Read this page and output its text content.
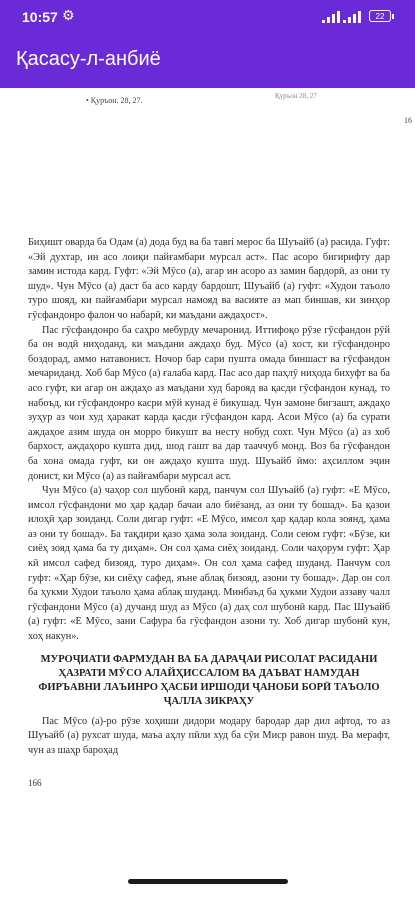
10:57 ⚙	22
Қасасу-л-анбиё
• Қуръон. 28, 27.	Қуръон 28, 27
16

Биҳишт оварда ба Одам (а) дода буд ва ба тавri мерос ба Шуъайб (а) расида. Гуфт: «Эй духтар, ин асо лоиқи пайғамбари мурсал аст». Пас асоро бигирифту дар замин истода кард. Гуфт: «Эй Мӯсо (а), агар ин асоро аз замин бардорӣ, аз они ту шуд». Чун Мӯсо (а) даст ба асо карду бардошт, Шуъайб (а) гуфт: «Худои таъоло туро шояд, ки пайғамбари мурсал намояд ва васияте аз мап биншав, ки зинҳор гӯсфандонро фалон чо набарӣ, ки маъдани аждаҳост».

Пас гӯсфандонро ба саҳро мебурду мечаронид. Иттифоқо рӯзе гӯсфандон рӯй ба он водӣ ниҳоданд, ки маъдани аждаҳо буд. Мӯсо (а) хост, ки гӯсфандонро боздорад, аммо натавонист. Ночор бар сари пушта омада биншаст ва гӯсфандон мечариданд. Хоб бар Мӯсо (а) ғалаба кард. Пас асо дар паҳлӯ ниҳода бихуфт ва ба асо гуфт, ки агар он аждаҳо аз маъдани худ барояд ва қасди гӯсфандон кунад, то набоъд, ки гӯсфандонро касри мӯй кунад ё бикушад. Чун замоне бигзашт, аждаҳо зуҳур аз чои худ ҳаракат карда қасди гӯсфандон кард. Асои Мӯсо (а) ба сурати аждаҳое азим шуда он морро бикушт ва несту нобуд сохт. Чун Мӯсо (а) аз хоб бархост, аждаҳоро кушта дид, шод гашт ва дар тааччуб монд. Воз ба гӯсфандон ба хона омада гуфт, ки он аждаҳо кушта шуд. Шуъайб ӣмо: аҳсиллом эҷин донист, ки Мӯсо (а) аз пайғамбари мурсал аст.

Чун Мӯсо (а) чаҳор сол шубонӣ кард, панчум сол Шуъайб (а) гуфт: «Е Мӯсо, имсол гӯсфандони мо ҳар қадар бачаи ало биёзанд, аз они ту бошад». Ба қазои илоҳӣ ҳар зоиданд. Соли дигар гуфт: «Е Мӯсо, имсол ҳар қадар кола зоянд, ҳама аз они ту бошад». Ба тақдири қазо ҳама зола зоиданд. Соли сеюм гуфт: «Бӯзе, ки сиёҳ зояд ҳама ба ту диҳам». Он сол ҳама сиёҳ зоиданд. Соли чаҳорум гуфт: Ҳар кӣ имсол сафед бизояд, туро диҳам». Он сол ҳама сафед шуданд. Панчум сол гуфт: «Ҳар бӯзе, ки сиёҳу сафед, яъне аблақ бизояд, азони ту бошад». Дар он сол ба ҳукми Худои таъоло ҳама аблақ шуданд. Минбаъд ба ҳукми Худои аззаву чалл гӯсфандони Мӯсо (а) дучанд шуд аз Мӯсо (а) даҳ сол шубонӣ кард. Пас Шуъайб (а) гуфт: «Е Мӯсо, зани Сафура ба гӯсфандон азони ту. Хоб дигар шубонӣ кун, хоҳ накун».

МУРОҶИАТИ ФАРМУДАН ВА БА ДАРАҶАИ РИСОЛАТ РАСИДАНИ ҲАЗРАТИ МӮСО АЛАЙҲИССАЛОМ ВА ДАЪВАТ НАМУДАН ФИРЪАВНИ ЛАЪИНРО ҲАСБИ ИРШОДИ ҶАНОБИ БОРӢ ТАЪОЛО ҶАЛЛА ЗИКРАҲУ

Пас Мӯсо (а)-ро рӯзе хоҳиши дидори модару бародар дар дил афтод, то аз Шуъайб (а) рухсат шуда, маъа аҳлу пӣли худ ба сӯи Миср равон шуд. Ва мерафт, чун аз шаҳр бароҳад

166
